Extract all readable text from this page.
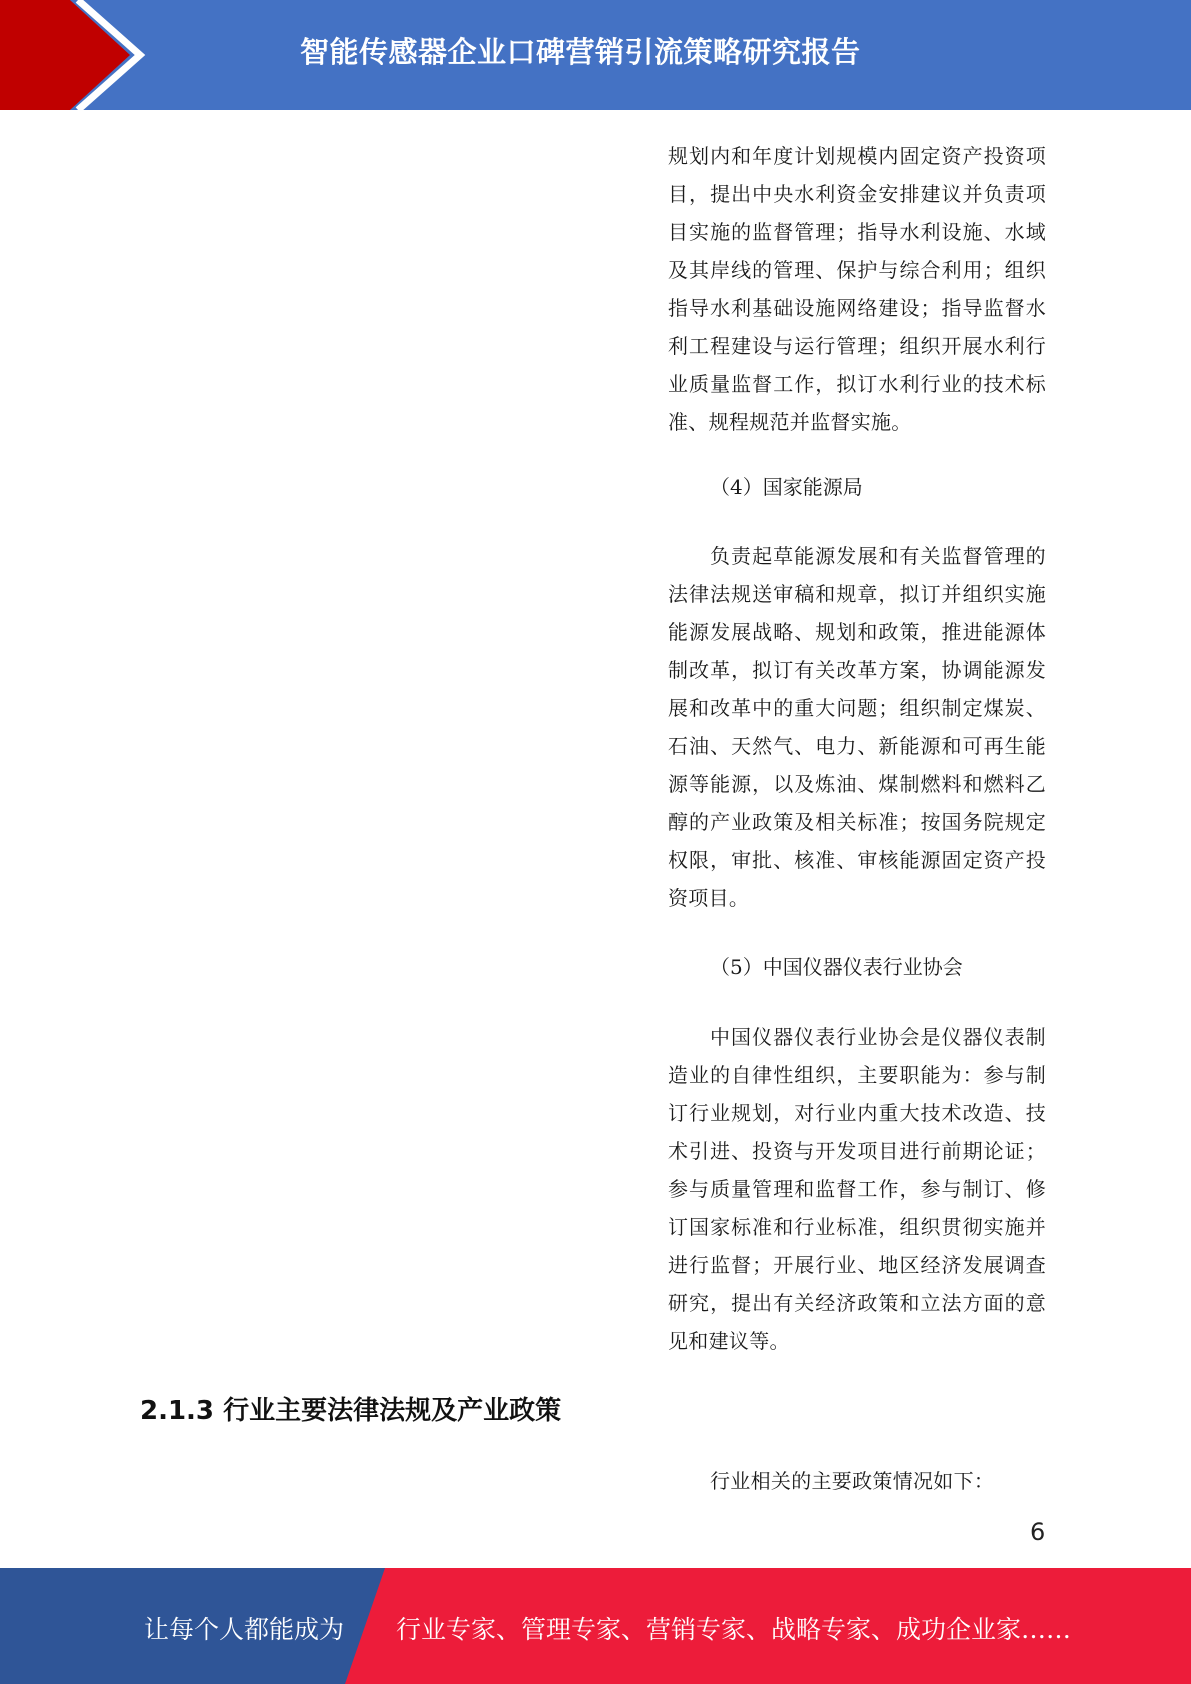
智能传感器企业口碑营销引流策略研究报告
规划内和年度计划规模内固定资产投资项目，提出中央水利资金安排建议并负责项目实施的监督管理；指导水利设施、水域及其岸线的管理、保护与综合利用；组织指导水利基础设施网络建设；指导监督水利工程建设与运行管理；组织开展水利行业质量监督工作，拟订水利行业的技术标准、规程规范并监督实施。
（4）国家能源局
负责起草能源发展和有关监督管理的法律法规送审稿和规章，拟订并组织实施能源发展战略、规划和政策，推进能源体制改革，拟订有关改革方案，协调能源发展和改革中的重大问题；组织制定煤炭、石油、天然气、电力、新能源和可再生能源等能源，以及炼油、煤制燃料和燃料乙醇的产业政策及相关标准；按国务院规定权限，审批、核准、审核能源固定资产投资项目。
（5）中国仪器仪表行业协会
中国仪器仪表行业协会是仪器仪表制造业的自律性组织，主要职能为：参与制订行业规划，对行业内重大技术改造、技术引进、投资与开发项目进行前期论证；参与质量管理和监督工作，参与制订、修订国家标准和行业标准，组织贯彻实施并进行监督；开展行业、地区经济发展调查研究，提出有关经济政策和立法方面的意见和建议等。
2.1.3 行业主要法律法规及产业政策
行业相关的主要政策情况如下：
6
让每个人都能成为 行业专家、管理专家、营销专家、战略专家、成功企业家……
